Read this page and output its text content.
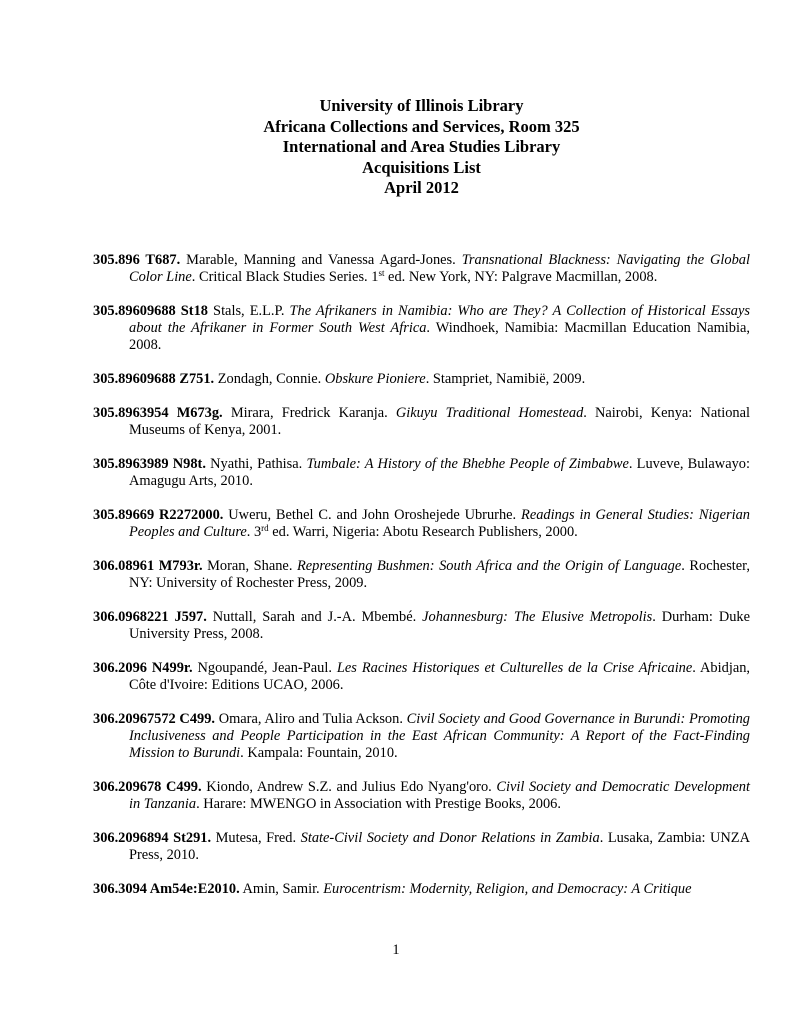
University of Illinois Library
Africana Collections and Services, Room 325
International and Area Studies Library
Acquisitions List
April 2012

305.896 T687. Marable, Manning and Vanessa Agard-Jones. Transnational Blackness: Navigating the Global Color Line. Critical Black Studies Series. 1st ed. New York, NY: Palgrave Macmillan, 2008.

305.89609688 St18 Stals, E.L.P. The Afrikaners in Namibia: Who are They? A Collection of Historical Essays about the Afrikaner in Former South West Africa. Windhoek, Namibia: Macmillan Education Namibia, 2008.

305.89609688 Z751. Zondagh, Connie. Obskure Pioniere. Stampriet, Namibië, 2009.

305.8963954 M673g. Mirara, Fredrick Karanja. Gikuyu Traditional Homestead. Nairobi, Kenya: National Museums of Kenya, 2001.

305.8963989 N98t. Nyathi, Pathisa. Tumbale: A History of the Bhebhe People of Zimbabwe. Luveve, Bulawayo: Amagugu Arts, 2010.

305.89669 R2272000. Uweru, Bethel C. and John Oroshejede Ubrurhe. Readings in General Studies: Nigerian Peoples and Culture. 3rd ed. Warri, Nigeria: Abotu Research Publishers, 2000.

306.08961 M793r. Moran, Shane. Representing Bushmen: South Africa and the Origin of Language. Rochester, NY: University of Rochester Press, 2009.

306.0968221 J597. Nuttall, Sarah and J.-A. Mbembé. Johannesburg: The Elusive Metropolis. Durham: Duke University Press, 2008.

306.2096 N499r. Ngoupandé, Jean-Paul. Les Racines Historiques et Culturelles de la Crise Africaine. Abidjan, Côte d'Ivoire: Editions UCAO, 2006.

306.20967572 C499. Omara, Aliro and Tulia Ackson. Civil Society and Good Governance in Burundi: Promoting Inclusiveness and People Participation in the East African Community: A Report of the Fact-Finding Mission to Burundi. Kampala: Fountain, 2010.

306.209678 C499. Kiondo, Andrew S.Z. and Julius Edo Nyang'oro. Civil Society and Democratic Development in Tanzania. Harare: MWENGO in Association with Prestige Books, 2006.

306.2096894 St291. Mutesa, Fred. State-Civil Society and Donor Relations in Zambia. Lusaka, Zambia: UNZA Press, 2010.

306.3094 Am54e:E2010. Amin, Samir. Eurocentrism: Modernity, Religion, and Democracy: A Critique

1
